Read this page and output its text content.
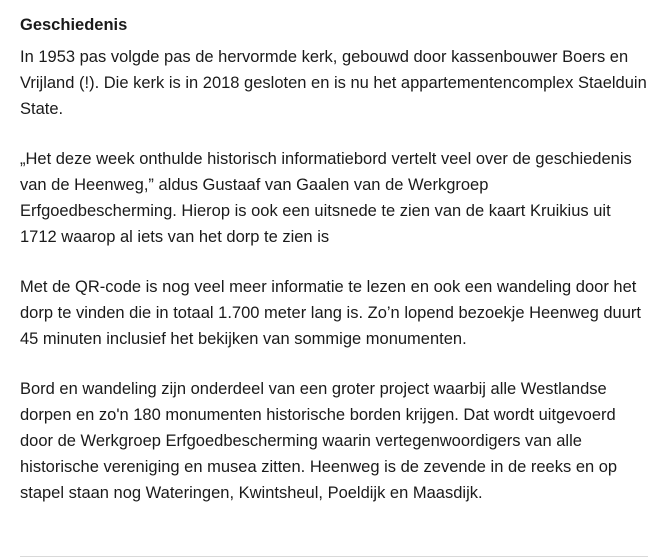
Geschiedenis

In 1953 pas volgde pas de hervormde kerk, gebouwd door kassenbouwer Boers en Vrijland (!). Die kerk is in 2018 gesloten en is nu het appartementencomplex Staelduin State.

„Het deze week onthulde historisch informatiebord vertelt veel over de geschiedenis van de Heenweg,” aldus Gustaaf van Gaalen van de Werkgroep Erfgoedbescherming. Hierop is ook een uitsnede te zien van de kaart Kruikius uit 1712 waarop al iets van het dorp te zien is

Met de QR-code is nog veel meer informatie te lezen en ook een wandeling door het dorp te vinden die in totaal 1.700 meter lang is. Zo’n lopend bezoekje Heenweg duurt 45 minuten inclusief het bekijken van sommige monumenten.

Bord en wandeling zijn onderdeel van een groter project waarbij alle Westlandse dorpen en zo'n 180 monumenten historische borden krijgen. Dat wordt uitgevoerd door de Werkgroep Erfgoedbescherming waarin vertegenwoordigers van alle historische vereniging en musea zitten. Heenweg is de zevende in de reeks en op stapel staan nog Wateringen, Kwintsheul, Poeldijk en Maasdijk.
